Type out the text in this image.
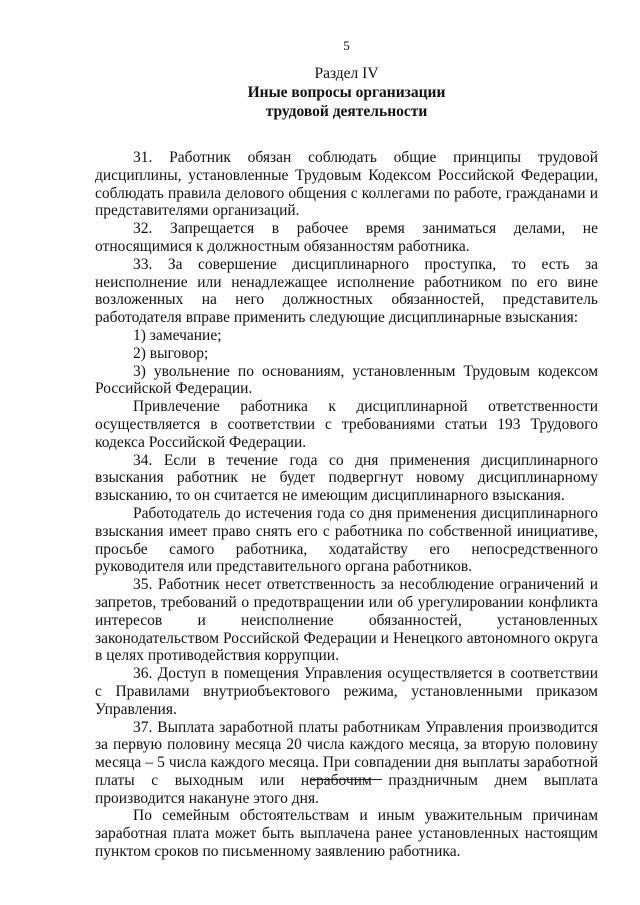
5
Раздел IV
Иные вопросы организации
трудовой деятельности

31. Работник обязан соблюдать общие принципы трудовой дисциплины, установленные Трудовым Кодексом Российской Федерации, соблюдать правила делового общения с коллегами по работе, гражданами и представителями организаций.

32. Запрещается в рабочее время заниматься делами, не относящимися к должностным обязанностям работника.

33. За совершение дисциплинарного проступка, то есть за неисполнение или ненадлежащее исполнение работником по его вине возложенных на него должностных обязанностей, представитель работодателя вправе применить следующие дисциплинарные взыскания:

1) замечание;

2) выговор;

3) увольнение по основаниям, установленным Трудовым кодексом Российской Федерации.

Привлечение работника к дисциплинарной ответственности осуществляется в соответствии с требованиями статьи 193 Трудового кодекса Российской Федерации.

34. Если в течение года со дня применения дисциплинарного взыскания работник не будет подвергнут новому дисциплинарному взысканию, то он считается не имеющим дисциплинарного взыскания.

Работодатель до истечения года со дня применения дисциплинарного взыскания имеет право снять его с работника по собственной инициативе, просьбе самого работника, ходатайству его непосредственного руководителя или представительного органа работников.

35. Работник несет ответственность за несоблюдение ограничений и запретов, требований о предотвращении или об урегулировании конфликта интересов и неисполнение обязанностей, установленных законодательством Российской Федерации и Ненецкого автономного округа в целях противодействия коррупции.

36. Доступ в помещения Управления осуществляется в соответствии с Правилами внутриобъектового режима, установленными приказом Управления.

37. Выплата заработной платы работникам Управления производится за первую половину месяца 20 числа каждого месяца, за вторую половину месяца – 5 числа каждого месяца. При совпадении дня выплаты заработной платы с выходным или нерабочим праздничным днем выплата производится накануне этого дня.

По семейным обстоятельствам и иным уважительным причинам заработная плата может быть выплачена ранее установленных настоящим пунктом сроков по письменному заявлению работника.
